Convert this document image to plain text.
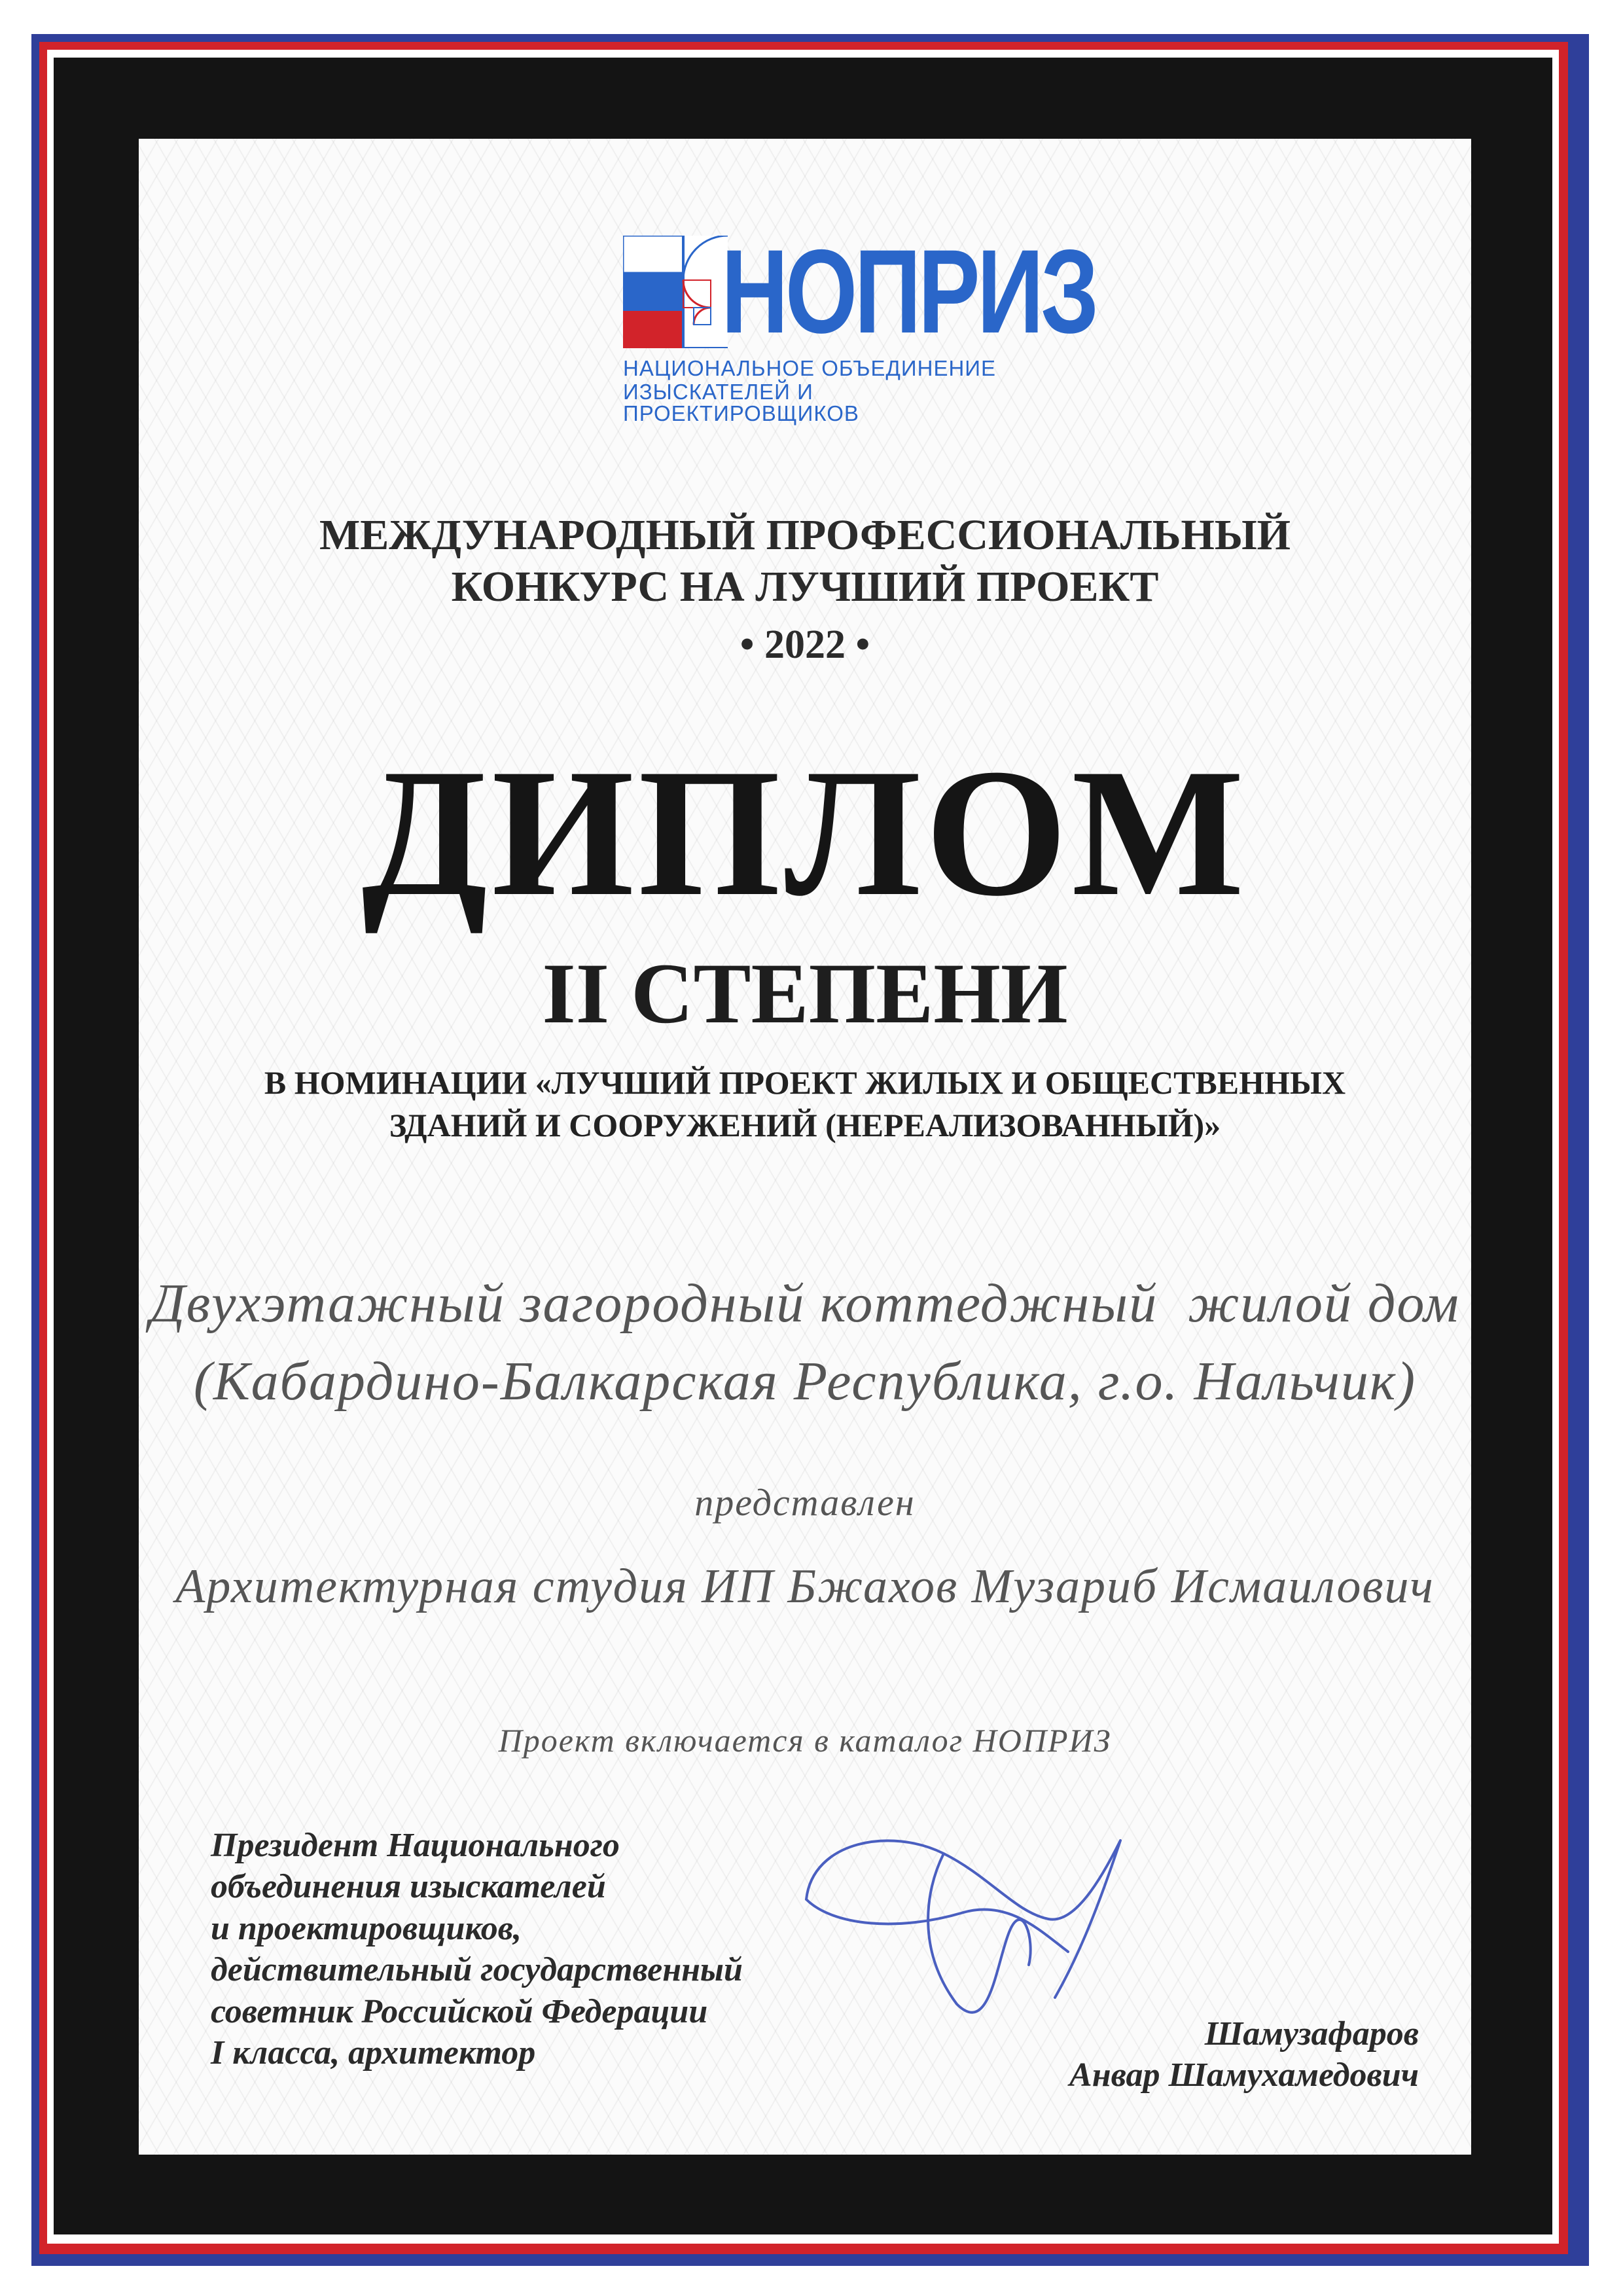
НОПРИЗ
НАЦИОНАЛЬНОЕ ОБЪЕДИНЕНИЕ
ИЗЫСКАТЕЛЕЙ И ПРОЕКТИРОВЩИКОВ
МЕЖДУНАРОДНЫЙ ПРОФЕССИОНАЛЬНЫЙ
КОНКУРС НА ЛУЧШИЙ ПРОЕКТ
• 2022 •
ДИПЛОМ
II СТЕПЕНИ
В НОМИНАЦИИ «ЛУЧШИЙ ПРОЕКТ ЖИЛЫХ И ОБЩЕСТВЕННЫХ
ЗДАНИЙ И СООРУЖЕНИЙ (НЕРЕАЛИЗОВАННЫЙ)»
Двухэтажный загородный коттеджный  жилой дом
(Кабардино-Балкарская Республика, г.о. Нальчик)
представлен
Архитектурная студия ИП Бжахов Музариб Исмаилович
Проект включается в каталог НОПРИЗ
Президент Национального
объединения изыскателей
и проектировщиков,
действительный государственный
советник Российской Федерации
I класса, архитектор
Шамузафаров
Анвар Шамухамедович
